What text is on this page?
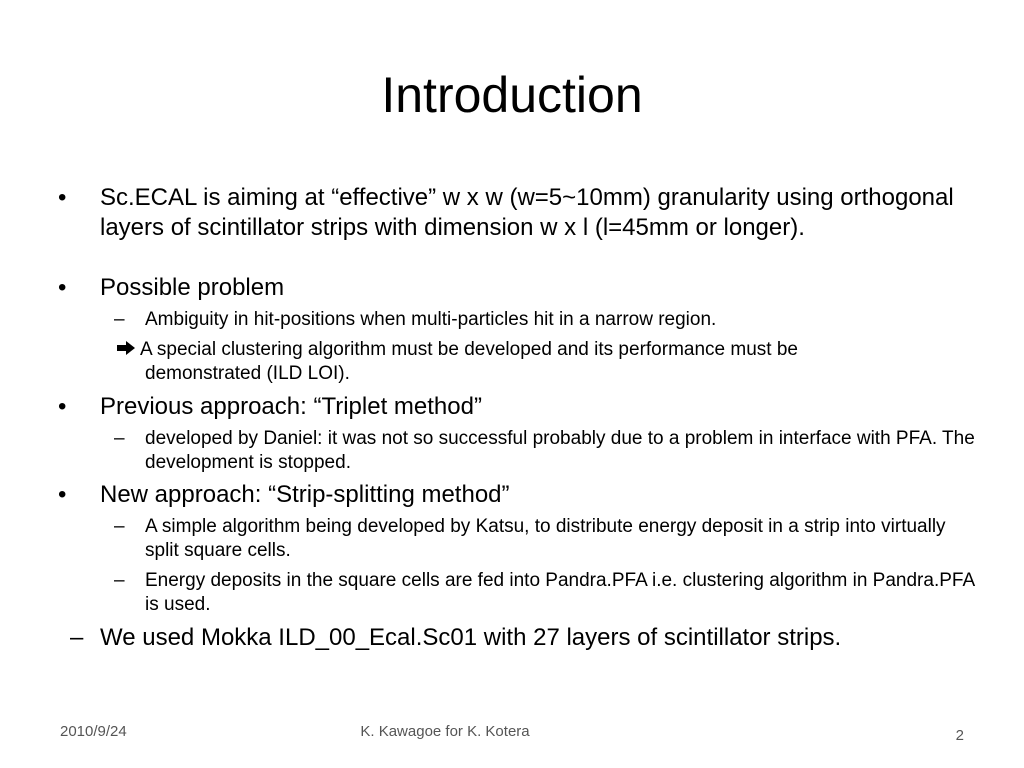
Introduction
• Sc.ECAL is aiming at “effective” w x w (w=5~10mm) granularity using orthogonal layers of scintillator strips with dimension w x l (l=45mm or longer).
• Possible problem
– Ambiguity in hit-positions when multi-particles hit in a narrow region.
A special clustering algorithm must be developed and its performance must be
demonstrated (ILD LOI).
• Previous approach: “Triplet method”
– developed by Daniel: it was not so successful probably due to a problem in interface with PFA. The development is stopped.
• New approach: “Strip-splitting method”
– A simple algorithm being developed by Katsu, to distribute energy deposit in a strip into virtually split square cells.
– Energy deposits in the square cells are fed into Pandra.PFA i.e. clustering algorithm in Pandra.PFA is used.
– We used Mokka ILD_00_Ecal.Sc01 with 27 layers of scintillator strips.
2010/9/24	K. Kawagoe for K. Kotera	2
